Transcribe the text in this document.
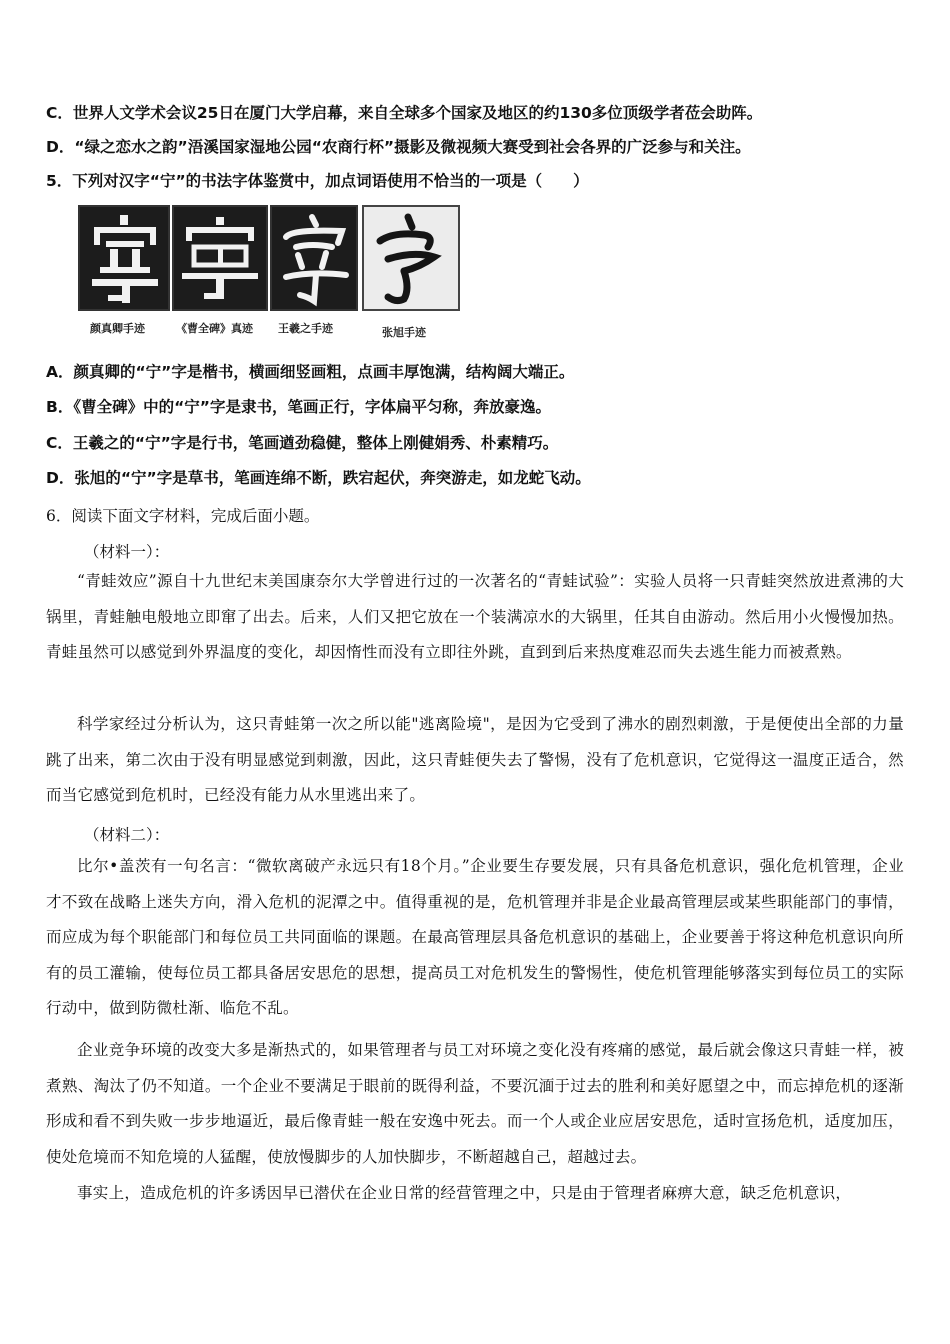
C．世界人文学术会议25日在厦门大学启幕，来自全球多个国家及地区的约130多位顶级学者莅会助阵。
D．“绿之恋水之韵”浯溪国家湿地公园“农商行杯”摄影及微视频大赛受到社会各界的广泛参与和关注。
5．下列对汉字“宁”的书法字体鉴赏中，加点词语使用不恰当的一项是（　　）
颜真卿手迹	《曹全碑》真迹 王羲之手迹	张旭手迹
A．颜真卿的“宁”字是楷书，横画细竖画粗，点画丰厚饱满，结构阔大端正。
B．《曹全碑》中的“宁”字是隶书，笔画正行，字体扁平匀称，奔放豪逸。
C．王羲之的“宁”字是行书，笔画遒劲稳健，整体上刚健娟秀、朴素精巧。
D．张旭的“宁”字是草书，笔画连绵不断，跌宕起伏，奔突游走，如龙蛇飞动。
6．阅读下面文字材料，完成后面小题。
（材料一）：
“青蛙效应”源自十九世纪末美国康奈尔大学曾进行过的一次著名的“青蛙试验”：实验人员将一只青蛙突然放进煮沸的大锅里，青蛙触电般地立即窜了出去。后来，人们又把它放在一个装满凉水的大锅里，任其自由游动。然后用小火慢慢加热。青蛙虽然可以感觉到外界温度的变化，却因惰性而没有立即往外跳，直到到后来热度难忍而失去逃生能力而被煮熟。
科学家经过分析认为，这只青蛙第一次之所以能"逃离险境"，是因为它受到了沸水的剧烈刺激，于是便使出全部的力量跳了出来，第二次由于没有明显感觉到刺激，因此，这只青蛙便失去了警惕，没有了危机意识，它觉得这一温度正适合，然而当它感觉到危机时，已经没有能力从水里逃出来了。
（材料二）：
比尔•盖茨有一句名言：“微软离破产永远只有18个月。”企业要生存要发展，只有具备危机意识，强化危机管理，企业才不致在战略上迷失方向，滑入危机的泥潭之中。值得重视的是，危机管理并非是企业最高管理层或某些职能部门的事情，而应成为每个职能部门和每位员工共同面临的课题。在最高管理层具备危机意识的基础上，企业要善于将这种危机意识向所有的员工灌输，使每位员工都具备居安思危的思想，提高员工对危机发生的警惕性，使危机管理能够落实到每位员工的实际行动中，做到防微杜渐、临危不乱。
企业竞争环境的改变大多是渐热式的，如果管理者与员工对环境之变化没有疼痛的感觉，最后就会像这只青蛙一样，被煮熟、淘汰了仍不知道。一个企业不要满足于眼前的既得利益，不要沉湎于过去的胜利和美好愿望之中，而忘掉危机的逐渐形成和看不到失败一步步地逼近，最后像青蛙一般在安逸中死去。而一个人或企业应居安思危，适时宣扬危机，适度加压，使处危境而不知危境的人猛醒，使放慢脚步的人加快脚步，不断超越自己，超越过去。
事实上，造成危机的许多诱因早已潜伏在企业日常的经营管理之中，只是由于管理者麻痹大意，缺乏危机意识，
